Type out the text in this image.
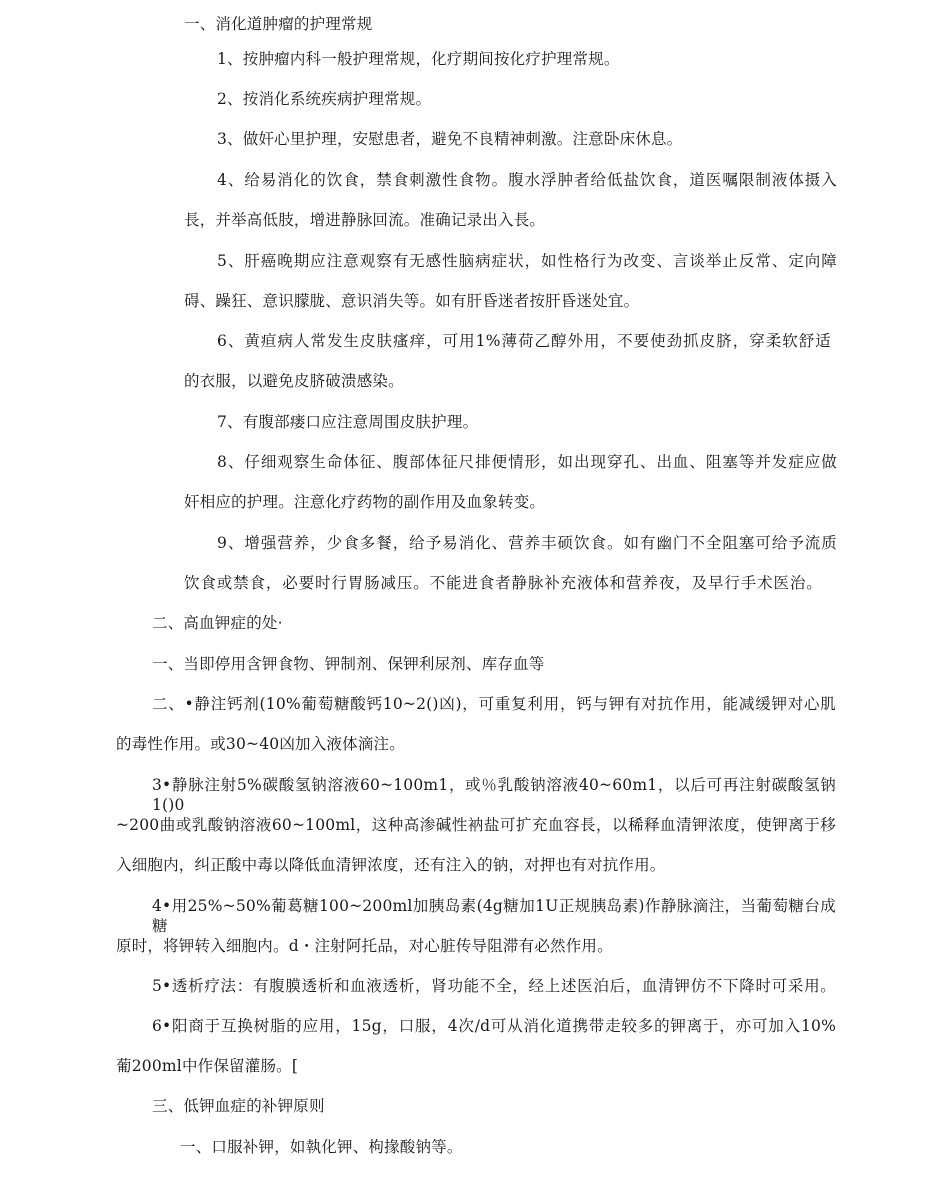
一、消化道肿瘤的护理常规
1、按肿瘤内科一般护理常规，化疗期间按化疗护理常规。
2、按消化系统疾病护理常规。
3、做奸心里护理，安慰患者，避免不良精神刺激。注意卧床休息。
4、给易消化的饮食，禁食刺激性食物。腹水浮肿者给低盐饮食，道医嘱限制液体摄入
長，并举高低肢，增进静脉回流。准确记录出入長。
5、肝癌晚期应注意观察有无感性脑病症状，如性格行为改变、言谈举止反常、定向障
碍、躁狂、意识朦胧、意识消失等。如有肝昏迷者按肝昏迷处宜。
6、黄疸病人常发生皮肤瘙痒，可用1%薄荷乙醇外用，不要使劲抓皮脐，穿柔软舒适
的衣服，以避免皮脐破溃感染。
7、有腹部瘘口应注意周围皮肤护理。
8、仔细观察生命体征、腹部体征尺排便情形，如出现穿孔、出血、阻塞等并发症应做
奸相应的护理。注意化疗药物的副作用及血象转变。
9、增强营养，少食多餐，给予易消化、营养丰硕饮食。如有幽门不全阻塞可给予流质
饮食或禁食，必要时行胃肠减压。不能进食者静脉补充液体和营养夜，及早行手术医治。
二、高血钾症的处·
一、当即停用含钾食物、钾制剂、保钾利尿剂、库存血等
二、•静注钙剂(10%葡萄糖酸钙10~2()凶)，可重复利用，钙与钾有对抗作用，能减缓钾对心肌
的毒性作用。或30~40凶加入液体滴注。
3•静脉注射5%碳酸氢钠溶液60~100m1，或％乳酸钠溶液40~60m1，以后可再注射碳酸氢钠1()0
~200曲或乳酸钠溶液60~100ml，这种高渗碱性衲盐可扩充血容長，以稀释血清钾浓度，使钾离于移
入细胞内，纠正酸中毒以降低血清钾浓度，还有注入的钠，对押也有对抗作用。
4•用25%~50%葡葛糖100~200ml加胰岛素(4g糖加1U正规胰岛素)作静脉滴注，当葡萄糖台成糖
原时，将钾转入细胞内。d・注射阿托品，对心脏传导阻滞有必然作用。
5•透析疗法：有腹膜透析和血液透析，肾功能不全，经上述医泊后，血清钾仿不下降时可采用。
6•阳商于互换树脂的应用，15g，口服，4次/d可从消化道携带走较多的钾离于，亦可加入10%
葡200ml中作保留灌肠。[
三、低钾血症的补钾原则
一、口服补钾，如執化钾、枸掾酸钠等。
